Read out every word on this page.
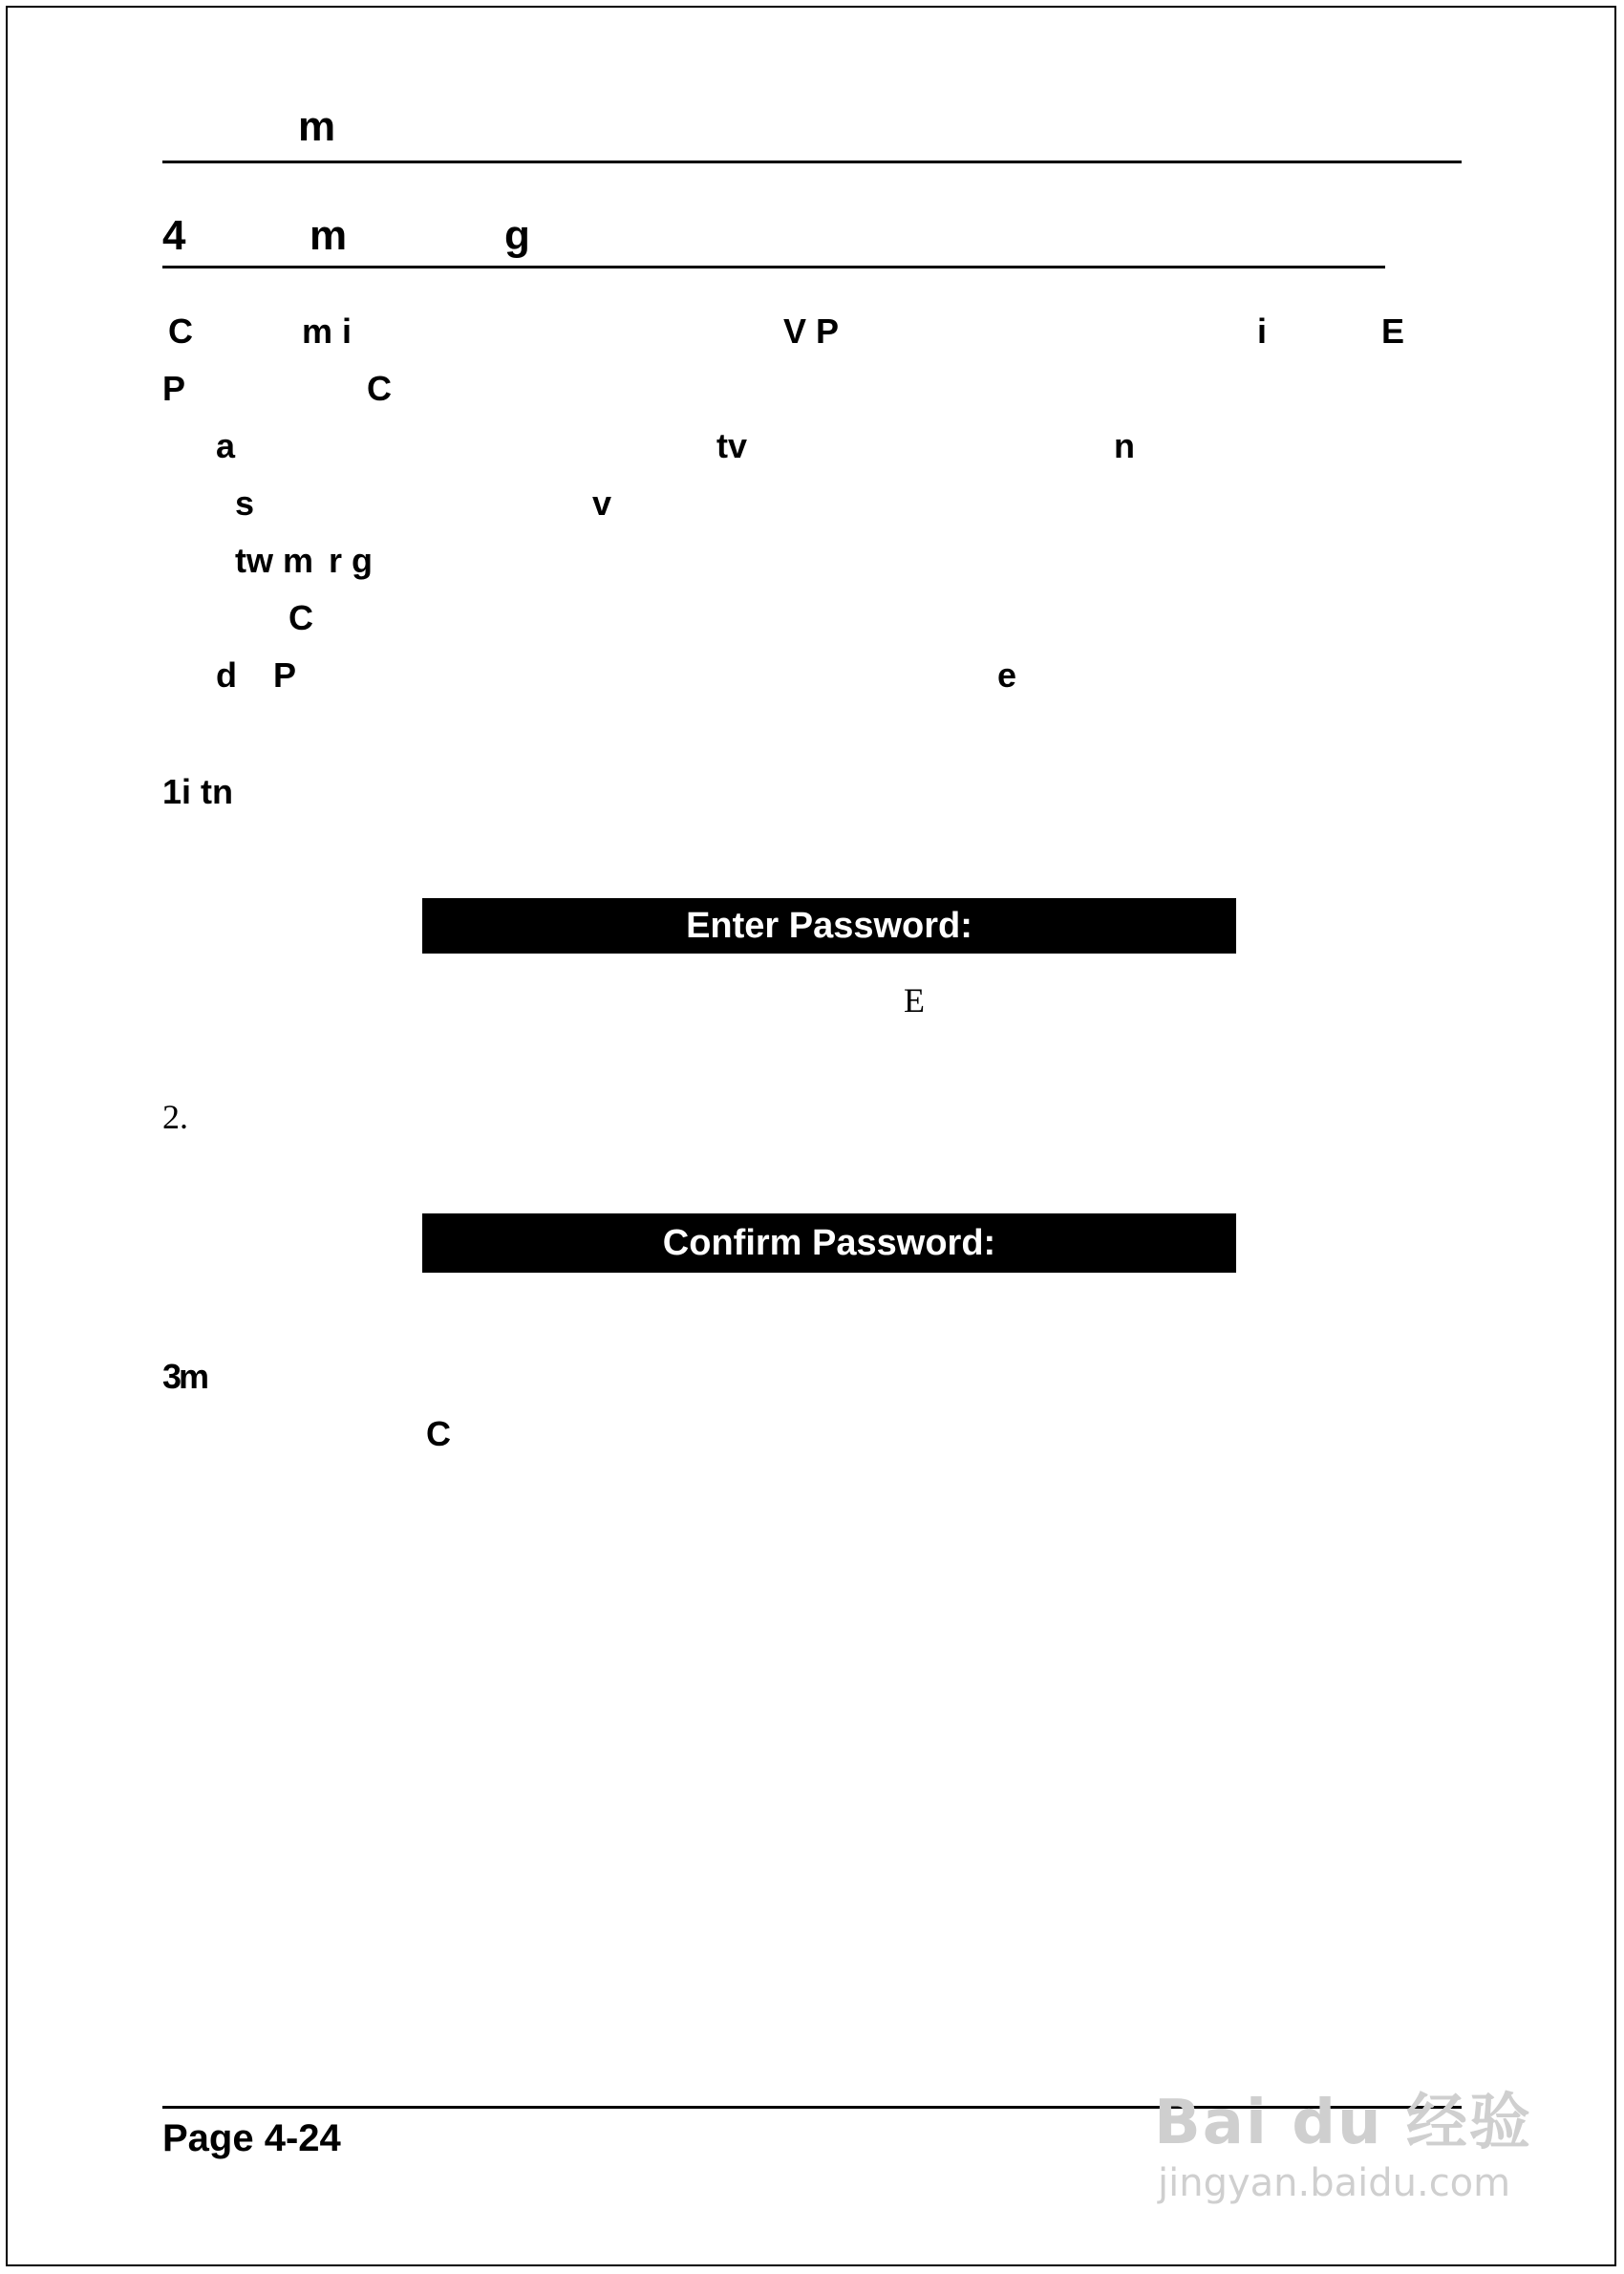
m
4	m	g
C	m i	V P	i	E
P	C
a	tv	n
s	v
tw m r g
C
d P	e
1i tn
Enter Password:
E
2.
Confirm Password:
3m
C
Page 4-24	Bai du 经验
jingyan.baidu.com
